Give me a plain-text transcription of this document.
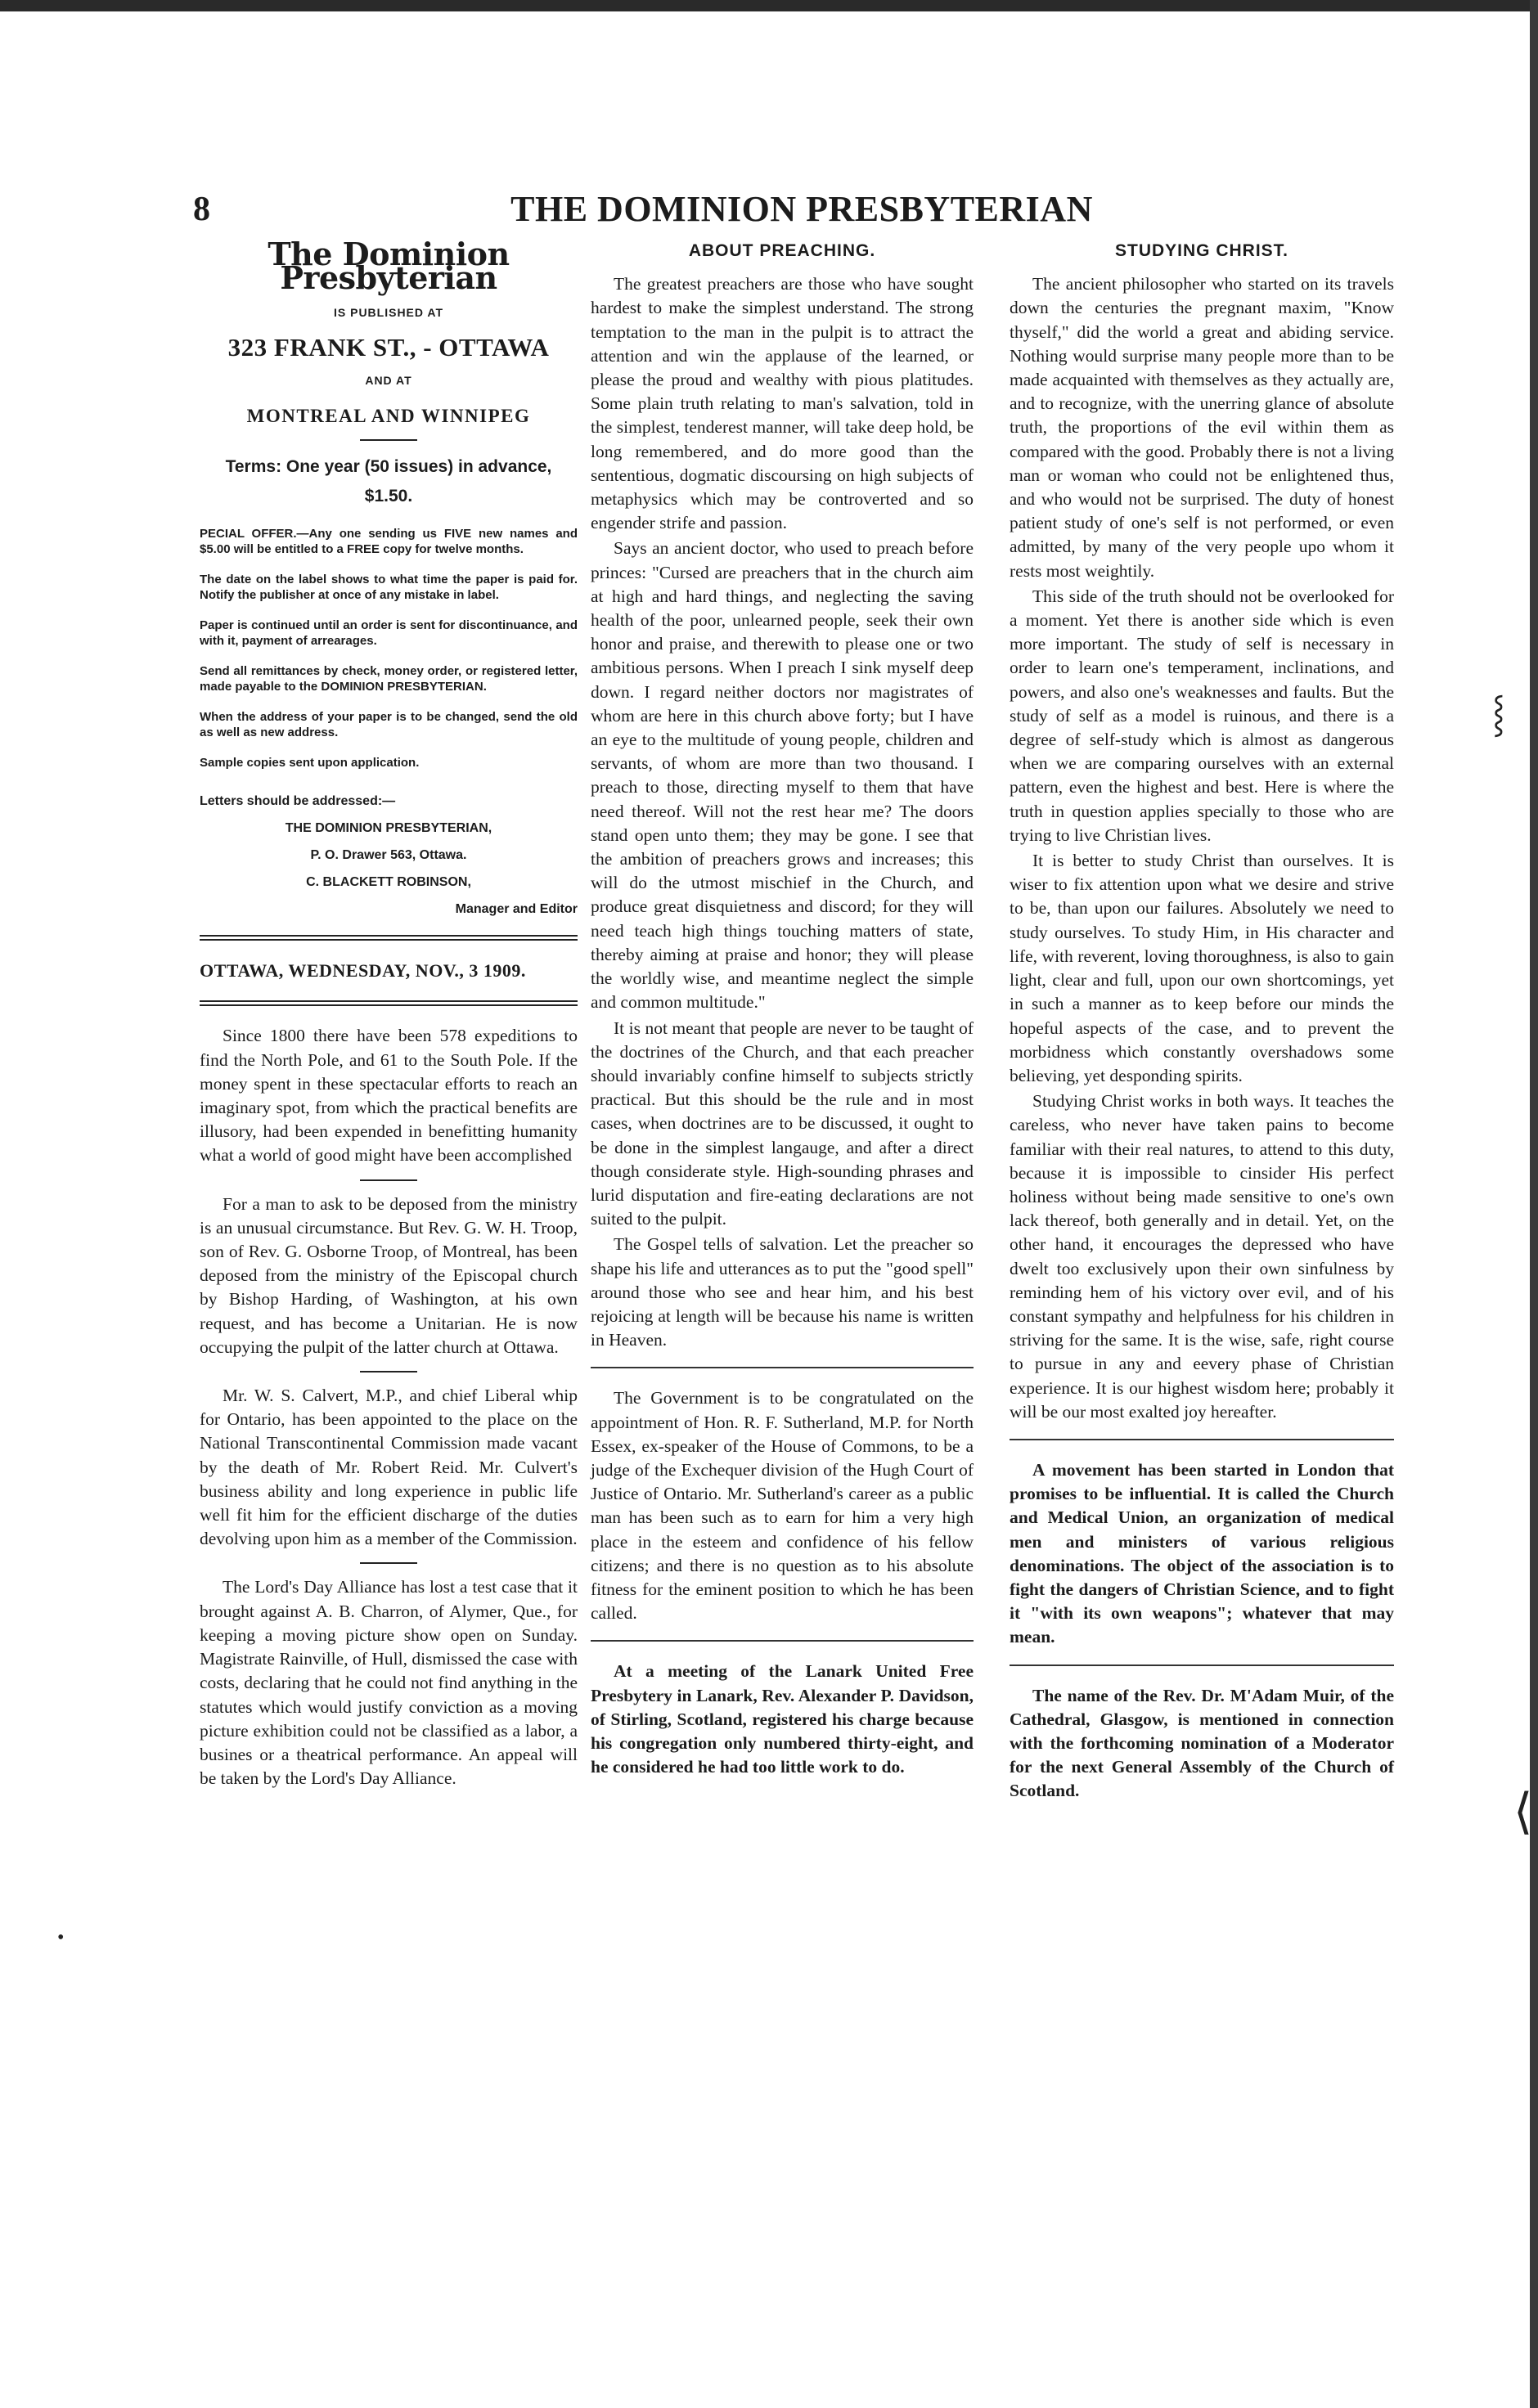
8	THE DOMINION PRESBYTERIAN
The Dominion Presbyterian
IS PUBLISHED AT
323 FRANK ST., - OTTAWA
AND AT
MONTREAL AND WINNIPEG
Terms: One year (50 issues) in advance, $1.50.
PECIAL OFFER.—Any one sending us FIVE new names and $5.00 will be entitled to a FREE copy for twelve months.
The date on the label shows to what time the paper is paid for. Notify the publisher at once of any mistake in label.
Paper is continued until an order is sent for discontinuance, and with it, payment of arrearages.
Send all remittances by check, money order, or registered letter, made payable to the DOMINION PRESBYTERIAN.
When the address of your paper is to be changed, send the old as well as new address.
Sample copies sent upon application.
Letters should be addressed:—
THE DOMINION PRESBYTERIAN,
P. O. Drawer 563, Ottawa.
C. BLACKETT ROBINSON,
Manager and Editor
OTTAWA, WEDNESDAY, NOV., 3 1909.

Since 1800 there have been 578 expeditions to find the North Pole, and 61 to the South Pole. If the money spent in these spectacular efforts to reach an imaginary spot, from which the practical benefits are illusory, had been expended in benefitting humanity what a world of good might have been accomplished

For a man to ask to be deposed from the ministry is an unusual circumstance. But Rev. G. W. H. Troop, son of Rev. G. Osborne Troop, of Montreal, has been deposed from the ministry of the Episcopal church by Bishop Harding, of Washington, at his own request, and has become a Unitarian. He is now occupying the pulpit of the latter church at Ottawa.

Mr. W. S. Calvert, M.P., and chief Liberal whip for Ontario, has been appointed to the place on the National Transcontinental Commission made vacant by the death of Mr. Robert Reid. Mr. Culvert's business ability and long experience in public life well fit him for the efficient discharge of the duties devolving upon him as a member of the Commission.

The Lord's Day Alliance has lost a test case that it brought against A. B. Charron, of Alymer, Que., for keeping a moving picture show open on Sunday. Magistrate Rainville, of Hull, dismissed the case with costs, declaring that he could not find anything in the statutes which would justify conviction as a moving picture exhibition could not be classified as a labor, a busines or a theatrical performance. An appeal will be taken by the Lord's Day Alliance.

ABOUT PREACHING.

The greatest preachers are those who have sought hardest to make the simplest understand. The strong temptation to the man in the pulpit is to attract the attention and win the applause of the learned, or please the proud and wealthy with pious platitudes. Some plain truth relating to man's salvation, told in the simplest, tenderest manner, will take deep hold, be long remembered, and do more good than the sententious, dogmatic discoursing on high subjects of metaphysics which may be controverted and so engender strife and passion.

Says an ancient doctor, who used to preach before princes: "Cursed are preachers that in the church aim at high and hard things, and neglecting the saving health of the poor, unlearned people, seek their own honor and praise, and therewith to please one or two ambitious persons. When I preach I sink myself deep down. I regard neither doctors nor magistrates of whom are here in this church above forty; but I have an eye to the multitude of young people, children and servants, of whom are more than two thousand. I preach to those, directing myself to them that have need thereof. Will not the rest hear me? The doors stand open unto them; they may be gone. I see that the ambition of preachers grows and increases; this will do the utmost mischief in the Church, and produce great disquietness and discord; for they will need teach high things touching matters of state, thereby aiming at praise and honor; they will please the worldly wise, and meantime neglect the simple and common multitude."

It is not meant that people are never to be taught of the doctrines of the Church, and that each preacher should invariably confine himself to subjects strictly practical. But this should be the rule and in most cases, when doctrines are to be discussed, it ought to be done in the simplest langauge, and after a direct though considerate style. High-sounding phrases and lurid disputation and fire-eating declarations are not suited to the pulpit.

The Gospel tells of salvation. Let the preacher so shape his life and utterances as to put the "good spell" around those who see and hear him, and his best rejoicing at length will be because his name is written in Heaven.

The Government is to be congratulated on the appointment of Hon. R. F. Sutherland, M.P. for North Essex, ex-speaker of the House of Commons, to be a judge of the Exchequer division of the Hugh Court of Justice of Ontario. Mr. Sutherland's career as a public man has been such as to earn for him a very high place in the esteem and confidence of his fellow citizens; and there is no question as to his absolute fitness for the eminent position to which he has been called.

At a meeting of the Lanark United Free Presbytery in Lanark, Rev. Alexander P. Davidson, of Stirling, Scotland, registered his charge because his congregation only numbered thirty-eight, and he considered he had too little work to do.

STUDYING CHRIST.

The ancient philosopher who started on its travels down the centuries the pregnant maxim, "Know thyself," did the world a great and abiding service. Nothing would surprise many people more than to be made acquainted with themselves as they actually are, and to recognize, with the unerring glance of absolute truth, the proportions of the evil within them as compared with the good. Probably there is not a living man or woman who could not be enlightened thus, and who would not be surprised. The duty of honest patient study of one's self is not performed, or even admitted, by many of the very people upo whom it rests most weightily.

This side of the truth should not be overlooked for a moment. Yet there is another side which is even more important. The study of self is necessary in order to learn one's temperament, inclinations, and powers, and also one's weaknesses and faults. But the study of self as a model is ruinous, and there is a degree of self-study which is almost as dangerous when we are comparing ourselves with an external pattern, even the highest and best. Here is where the truth in question applies specially to those who are trying to live Christian lives.

It is better to study Christ than ourselves. It is wiser to fix attention upon what we desire and strive to be, than upon our failures. Absolutely we need to study ourselves. To study Him, in His character and life, with reverent, loving thoroughness, is also to gain light, clear and full, upon our own shortcomings, yet in such a manner as to keep before our minds the hopeful aspects of the case, and to prevent the morbidness which constantly overshadows some believing, yet desponding spirits.

Studying Christ works in both ways. It teaches the careless, who never have taken pains to become familiar with their real natures, to attend to this duty, because it is impossible to cinsider His perfect holiness without being made sensitive to one's own lack thereof, both generally and in detail. Yet, on the other hand, it encourages the depressed who have dwelt too exclusively upon their own sinfulness by reminding hem of his victory over evil, and of his constant sympathy and helpfulness for his children in striving for the same. It is the wise, safe, right course to pursue in any and eevery phase of Christian experience. It is our highest wisdom here; probably it will be our most exalted joy hereafter.

A movement has been started in London that promises to be influential. It is called the Church and Medical Union, an organization of medical men and ministers of various religious denominations. The object of the association is to fight the dangers of Christian Science, and to fight it "with its own weapons"; whatever that may mean.

The name of the Rev. Dr. M'Adam Muir, of the Cathedral, Glasgow, is mentioned in connection with the forthcoming nomination of a Moderator for the next General Assembly of the Church of Scotland.

⸾
⟨
•
